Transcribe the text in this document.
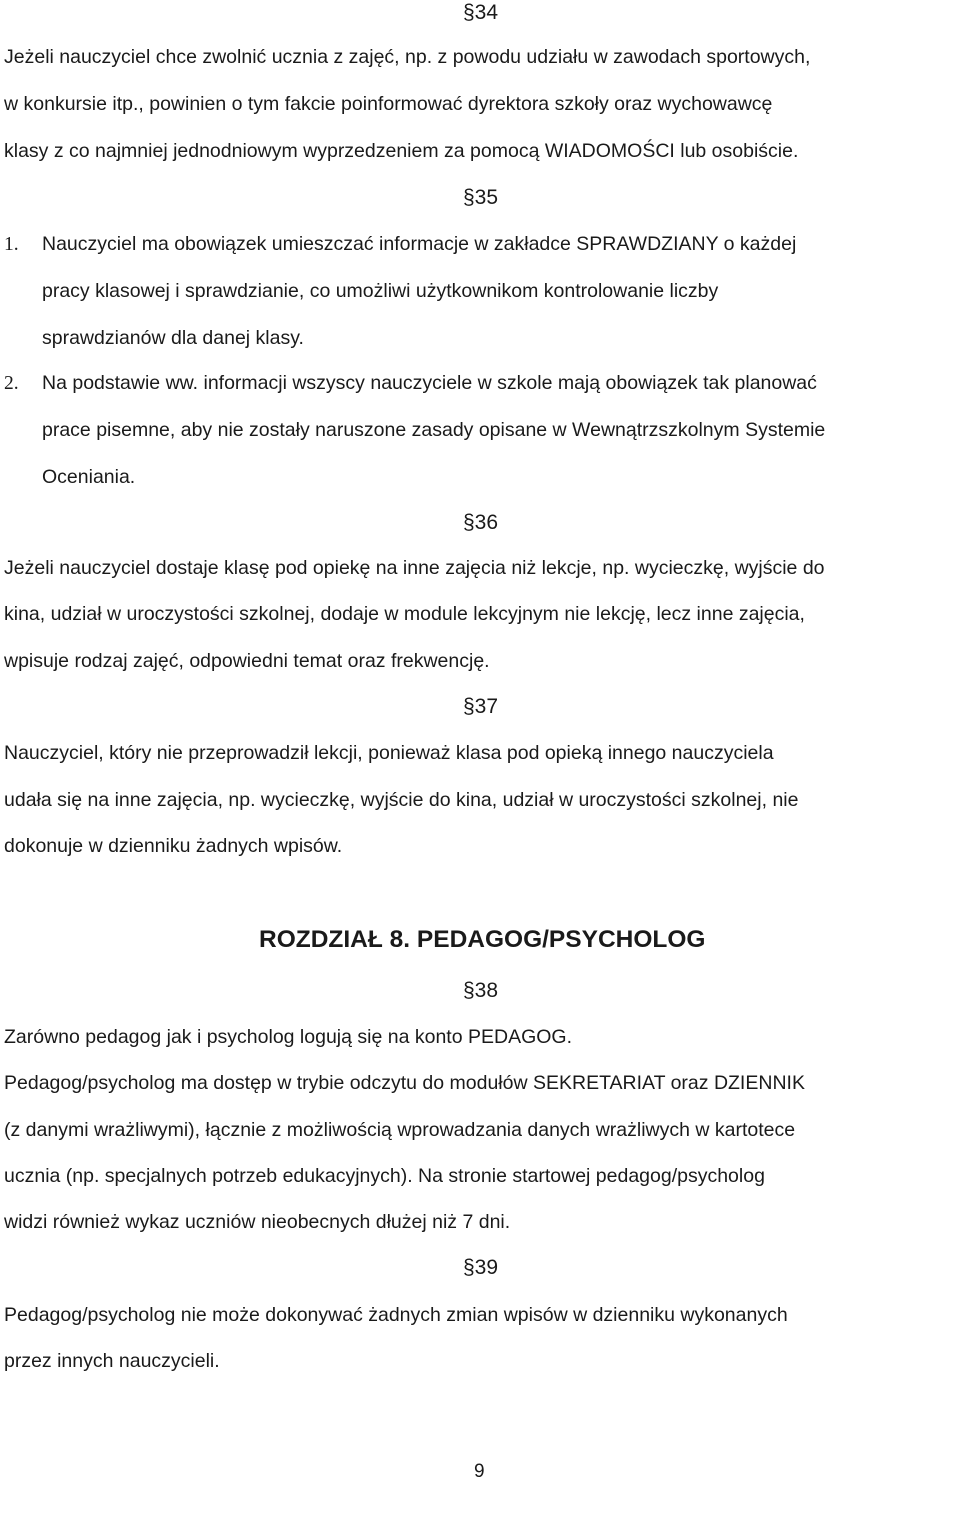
§34

Jeżeli nauczyciel chce zwolnić ucznia z zajęć, np. z powodu udziału w zawodach sportowych,

w konkursie itp., powinien o tym fakcie poinformować dyrektora szkoły oraz wychowawcę

klasy z co najmniej jednodniowym wyprzedzeniem za pomocą WIADOMOŚCI lub osobiście.

§35

1. Nauczyciel ma obowiązek umieszczać informacje w zakładce SPRAWDZIANY o każdej

pracy klasowej i sprawdzianie, co umożliwi użytkownikom kontrolowanie liczby

sprawdzianów dla danej klasy.

2. Na podstawie ww. informacji wszyscy nauczyciele w szkole mają obowiązek tak planować

prace pisemne, aby nie zostały naruszone zasady opisane w Wewnątrzszkolnym Systemie

Oceniania.

§36

Jeżeli nauczyciel dostaje klasę pod opiekę na inne zajęcia niż lekcje, np. wycieczkę, wyjście do

kina, udział w uroczystości szkolnej, dodaje w module lekcyjnym nie lekcję, lecz inne zajęcia,

wpisuje rodzaj zajęć, odpowiedni temat oraz frekwencję.

§37

Nauczyciel, który nie przeprowadził lekcji, ponieważ klasa pod opieką innego nauczyciela

udała się na inne zajęcia, np. wycieczkę, wyjście do kina, udział w uroczystości szkolnej, nie

dokonuje w dzienniku żadnych wpisów.

ROZDZIAŁ 8. PEDAGOG/PSYCHOLOG

§38

Zarówno pedagog jak i psycholog logują się na konto PEDAGOG.

Pedagog/psycholog ma dostęp w trybie odczytu do modułów SEKRETARIAT oraz DZIENNIK

(z danymi wrażliwymi), łącznie z możliwością wprowadzania danych wrażliwych w kartotece

ucznia (np. specjalnych potrzeb edukacyjnych). Na stronie startowej pedagog/psycholog

widzi również wykaz uczniów nieobecnych dłużej niż 7 dni.

§39

Pedagog/psycholog nie może dokonywać żadnych zmian wpisów w dzienniku wykonanych

przez innych nauczycieli.

9
